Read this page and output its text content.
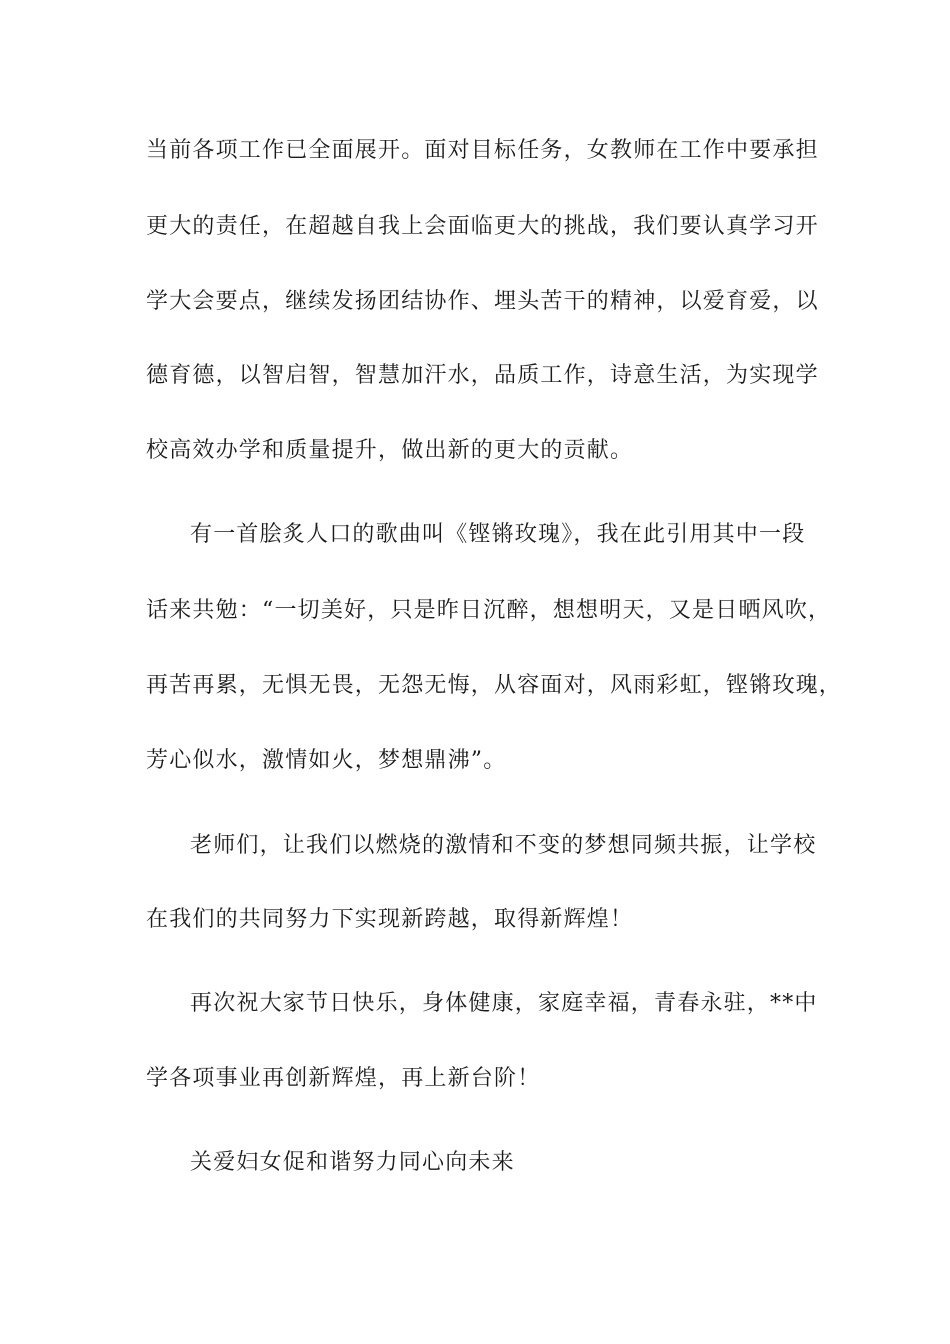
当前各项工作已全面展开。面对目标任务，女教师在工作中要承担
更大的责任，在超越自我上会面临更大的挑战，我们要认真学习开
学大会要点，继续发扬团结协作、埋头苦干的精神，以爱育爱，以
德育德，以智启智，智慧加汗水，品质工作，诗意生活，为实现学
校高效办学和质量提升，做出新的更大的贡献。
有一首脍炙人口的歌曲叫《铿锵玫瑰》，我在此引用其中一段
话来共勉：“一切美好，只是昨日沉醉，想想明天，又是日晒风吹，
再苦再累，无惧无畏，无怨无悔，从容面对，风雨彩虹，铿锵玫瑰，
芳心似水，激情如火，梦想鼎沸”。
老师们，让我们以燃烧的激情和不变的梦想同频共振，让学校
在我们的共同努力下实现新跨越，取得新辉煌！
再次祝大家节日快乐，身体健康，家庭幸福，青春永驻，**中
学各项事业再创新辉煌，再上新台阶！
关爱妇女促和谐努力同心向未来
